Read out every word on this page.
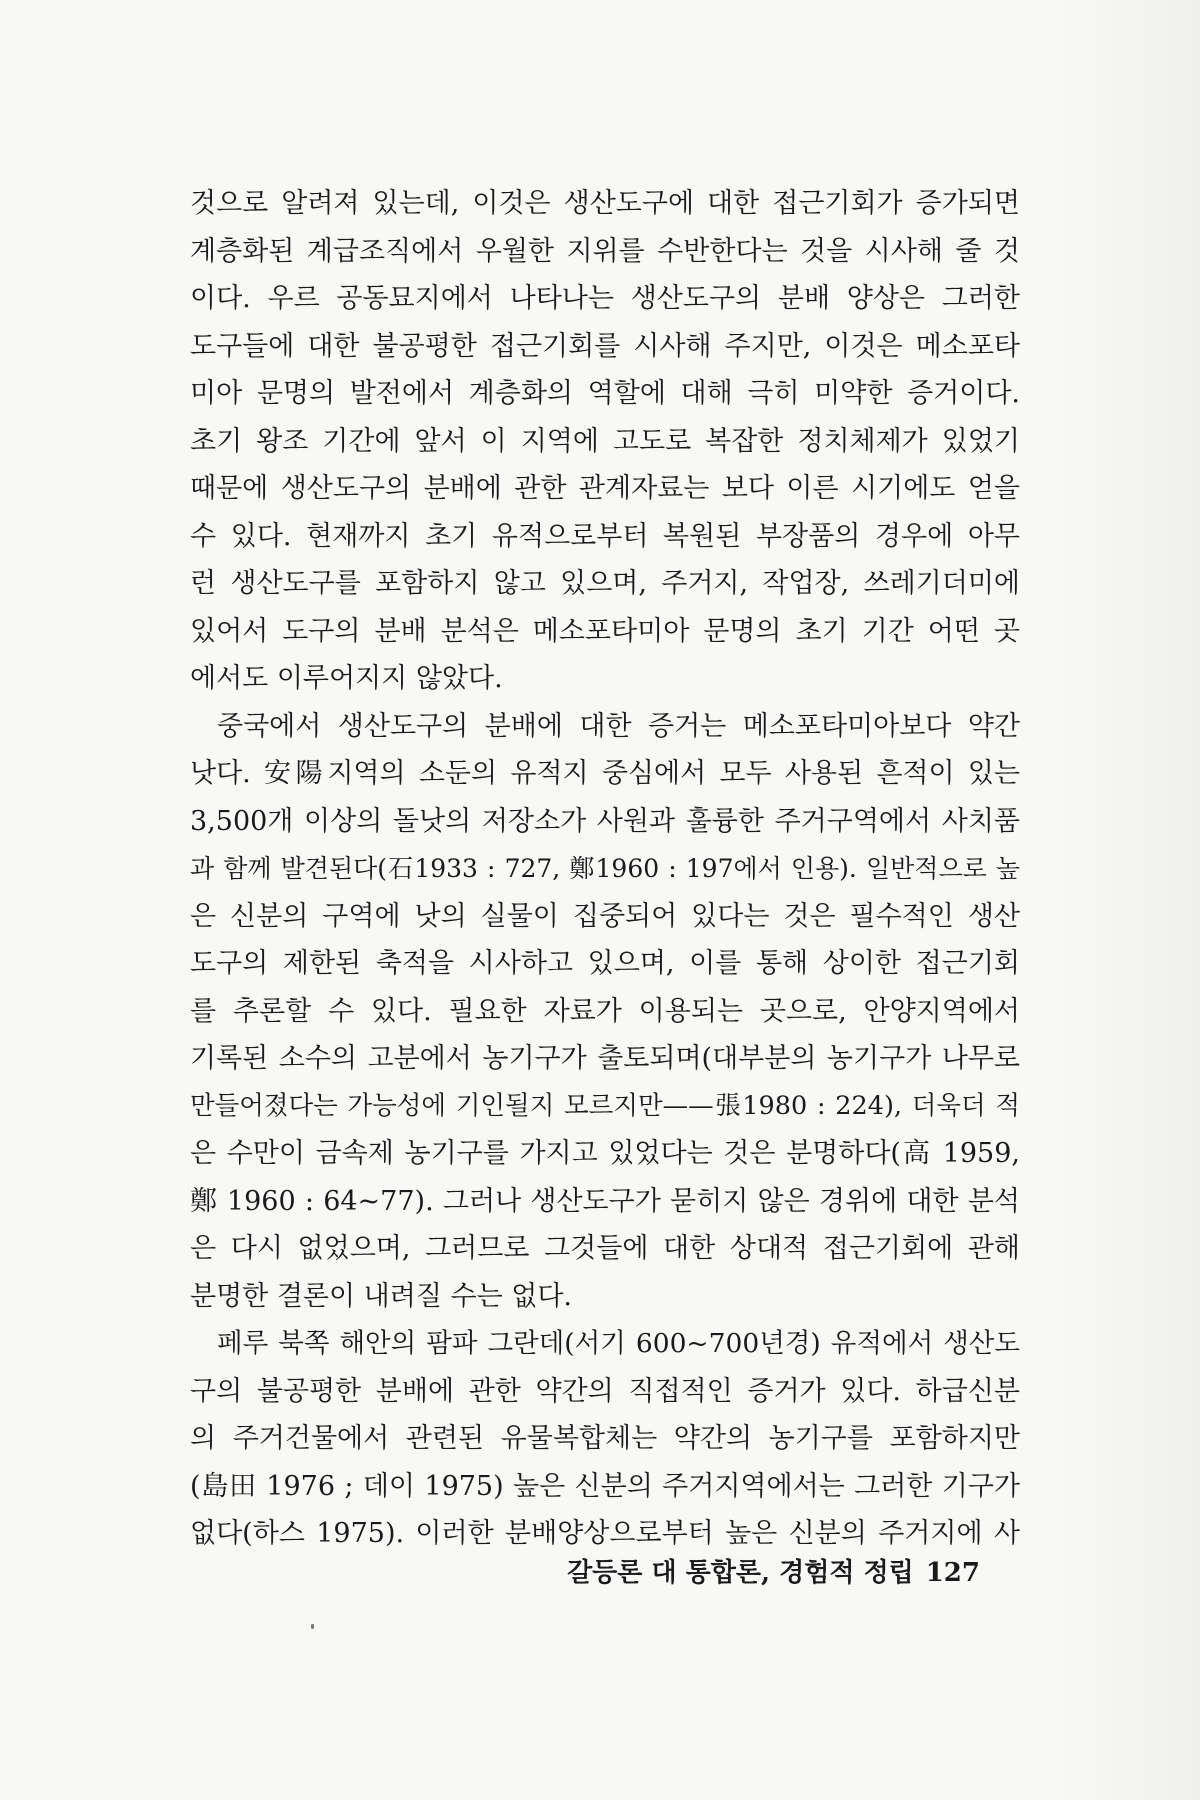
것으로 알려져 있는데, 이것은 생산도구에 대한 접근기회가 증가되면

계층화된 계급조직에서 우월한 지위를 수반한다는 것을 시사해 줄 것

이다. 우르 공동묘지에서 나타나는 생산도구의 분배 양상은 그러한

도구들에 대한 불공평한 접근기회를 시사해 주지만, 이것은 메소포타

미아 문명의 발전에서 계층화의 역할에 대해 극히 미약한 증거이다.

초기 왕조 기간에 앞서 이 지역에 고도로 복잡한 정치체제가 있었기

때문에 생산도구의 분배에 관한 관계자료는 보다 이른 시기에도 얻을

수 있다. 현재까지 초기 유적으로부터 복원된 부장품의 경우에 아무

런 생산도구를 포함하지 않고 있으며, 주거지, 작업장, 쓰레기더미에

있어서 도구의 분배 분석은 메소포타미아 문명의 초기 기간 어떤 곳

에서도 이루어지지 않았다.

중국에서 생산도구의 분배에 대한 증거는 메소포타미아보다 약간

낫다. 安陽지역의 소둔의 유적지 중심에서 모두 사용된 흔적이 있는

3,500개 이상의 돌낫의 저장소가 사원과 훌륭한 주거구역에서 사치품

과 함께 발견된다(石1933 : 727, 鄭1960 : 197에서 인용). 일반적으로 높

은 신분의 구역에 낫의 실물이 집중되어 있다는 것은 필수적인 생산

도구의 제한된 축적을 시사하고 있으며, 이를 통해 상이한 접근기회

를 추론할 수 있다. 필요한 자료가 이용되는 곳으로, 안양지역에서

기록된 소수의 고분에서 농기구가 출토되며(대부분의 농기구가 나무로

만들어졌다는 가능성에 기인될지 모르지만——張1980 : 224), 더욱더 적

은 수만이 금속제 농기구를 가지고 있었다는 것은 분명하다(高 1959,

鄭 1960 : 64~77). 그러나 생산도구가 묻히지 않은 경위에 대한 분석

은 다시 없었으며, 그러므로 그것들에 대한 상대적 접근기회에 관해

분명한 결론이 내려질 수는 없다.

페루 북쪽 해안의 팜파 그란데(서기 600~700년경) 유적에서 생산도

구의 불공평한 분배에 관한 약간의 직접적인 증거가 있다. 하급신분

의 주거건물에서 관련된 유물복합체는 약간의 농기구를 포함하지만

(島田 1976 ; 데이 1975) 높은 신분의 주거지역에서는 그러한 기구가

없다(하스 1975). 이러한 분배양상으로부터 높은 신분의 주거지에 사

갈등론 대 통합론, 경험적 정립 127
